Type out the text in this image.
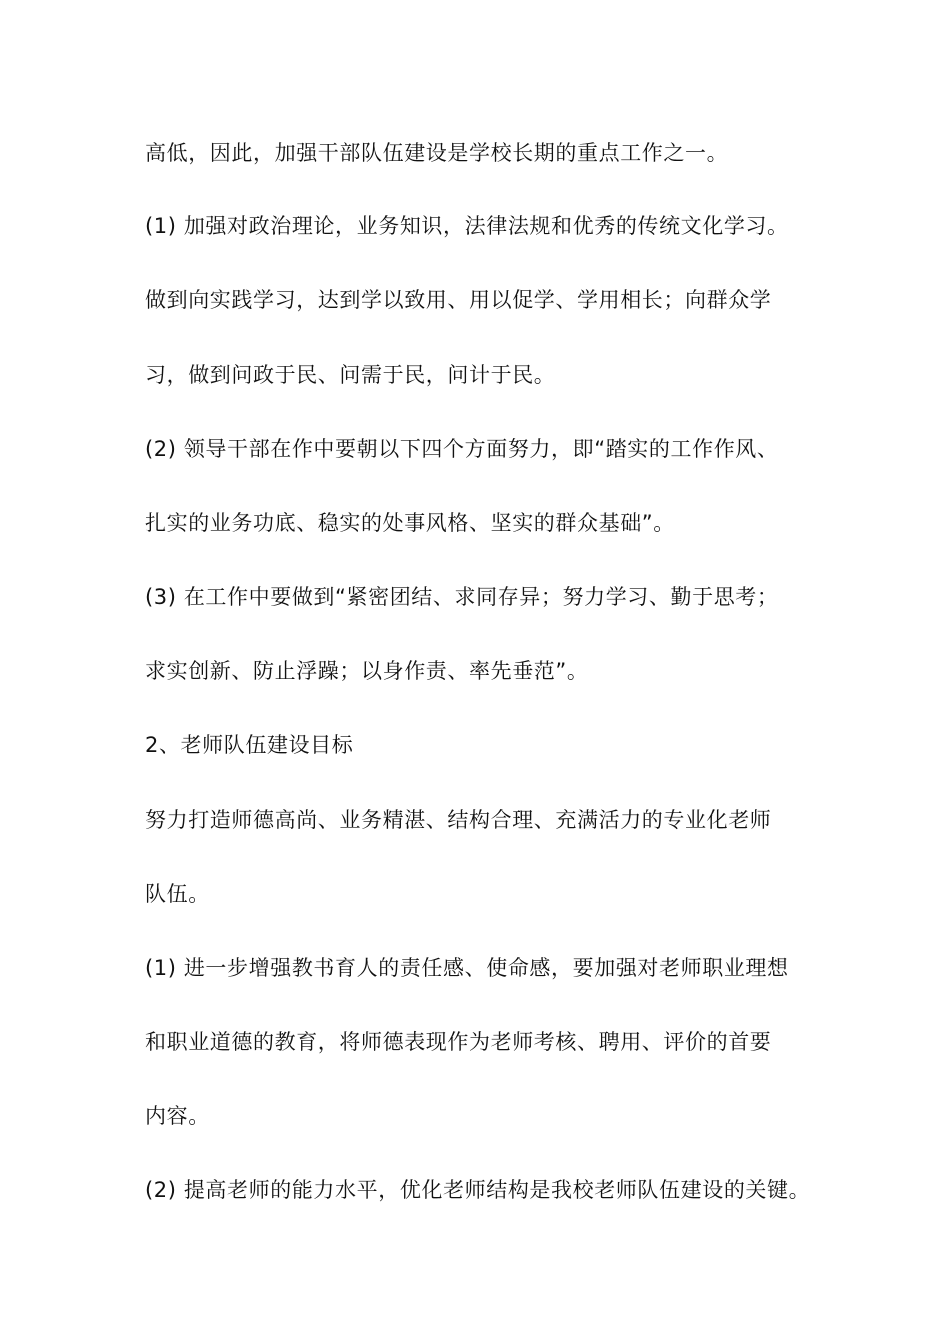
高低，因此，加强干部队伍建设是学校长期的重点工作之一。
(1) 加强对政治理论，业务知识，法律法规和优秀的传统文化学习。
做到向实践学习，达到学以致用、用以促学、学用相长；向群众学
习，做到问政于民、问需于民，问计于民。
(2) 领导干部在作中要朝以下四个方面努力，即“踏实的工作作风、
扎实的业务功底、稳实的处事风格、坚实的群众基础”。
(3) 在工作中要做到“紧密团结、求同存异；努力学习、勤于思考；
求实创新、防止浮躁；以身作责、率先垂范”。
2、老师队伍建设目标
努力打造师德高尚、业务精湛、结构合理、充满活力的专业化老师
队伍。
(1) 进一步增强教书育人的责任感、使命感，要加强对老师职业理想
和职业道德的教育，将师德表现作为老师考核、聘用、评价的首要
内容。
(2) 提高老师的能力水平，优化老师结构是我校老师队伍建设的关键。
